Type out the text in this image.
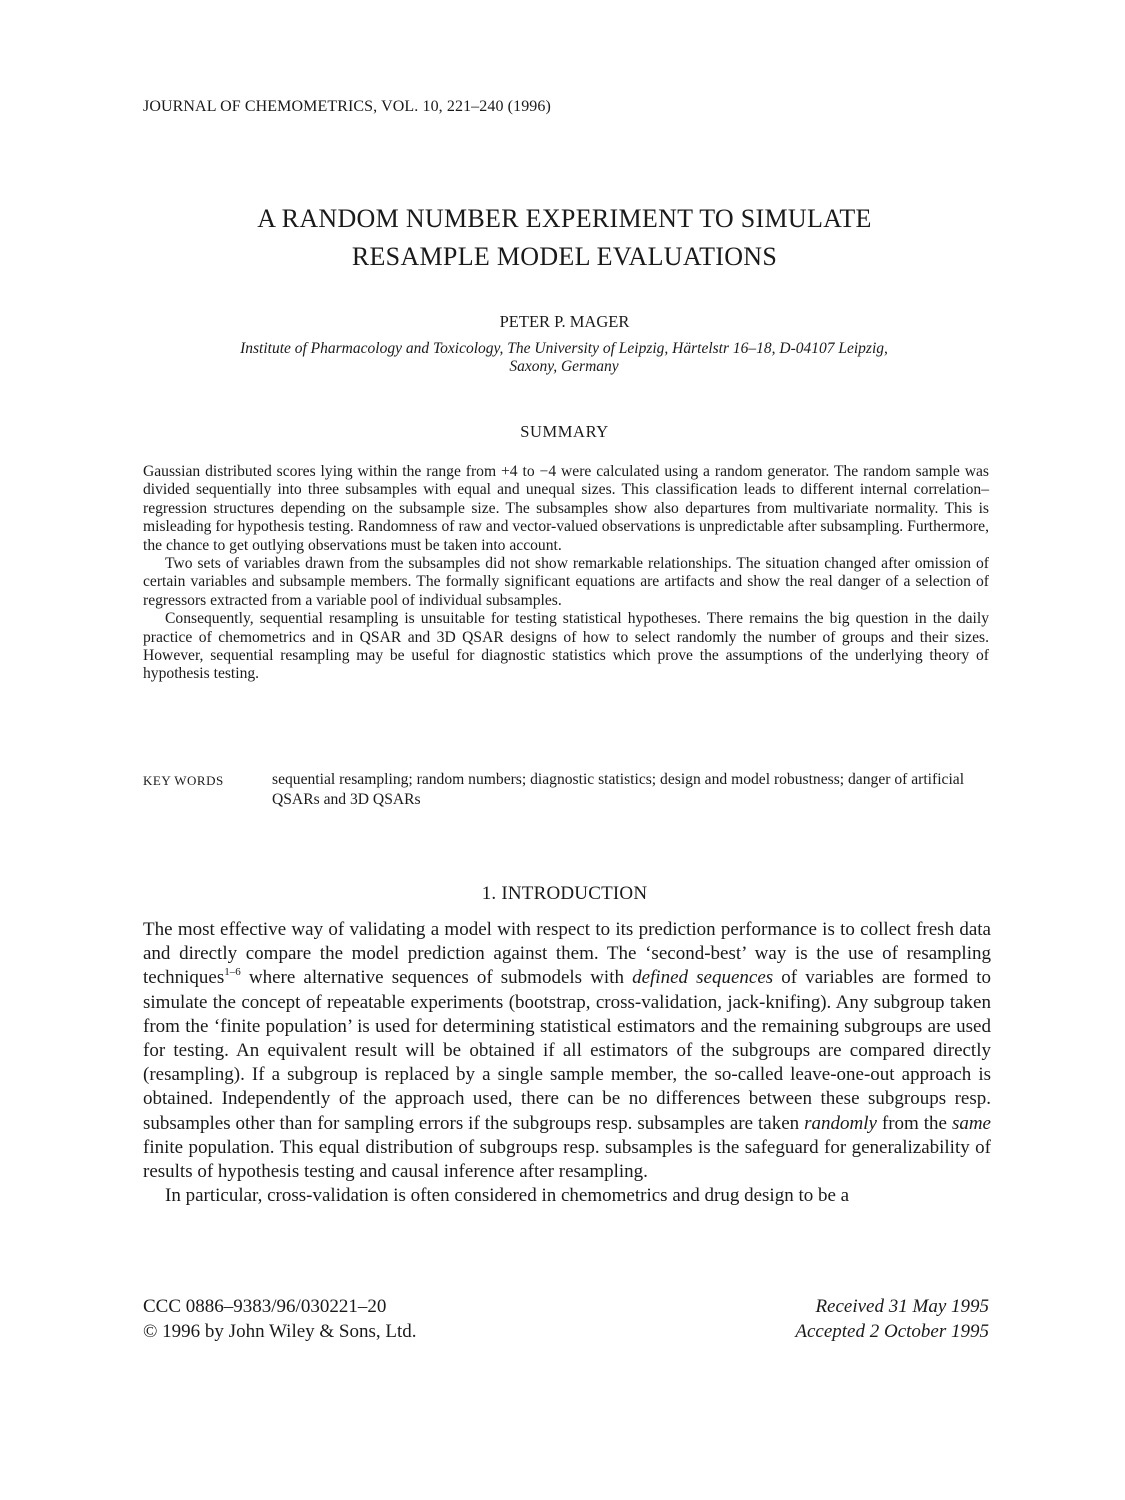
JOURNAL OF CHEMOMETRICS, VOL. 10, 221–240 (1996)
A RANDOM NUMBER EXPERIMENT TO SIMULATE
RESAMPLE MODEL EVALUATIONS
PETER P. MAGER
Institute of Pharmacology and Toxicology, The University of Leipzig, Härtelstr 16–18, D-04107 Leipzig, Saxony, Germany
SUMMARY

Gaussian distributed scores lying within the range from +4 to −4 were calculated using a random generator. The random sample was divided sequentially into three subsamples with equal and unequal sizes. This classification leads to different internal correlation–regression structures depending on the subsample size. The subsamples show also departures from multivariate normality. This is misleading for hypothesis testing. Randomness of raw and vector-valued observations is unpredictable after subsampling. Furthermore, the chance to get outlying observations must be taken into account.

Two sets of variables drawn from the subsamples did not show remarkable relationships. The situation changed after omission of certain variables and subsample members. The formally significant equations are artifacts and show the real danger of a selection of regressors extracted from a variable pool of individual subsamples.

Consequently, sequential resampling is unsuitable for testing statistical hypotheses. There remains the big question in the daily practice of chemometrics and in QSAR and 3D QSAR designs of how to select randomly the number of groups and their sizes. However, sequential resampling may be useful for diagnostic statistics which prove the assumptions of the underlying theory of hypothesis testing.

KEY WORDS	sequential resampling; random numbers; diagnostic statistics; design and model robustness; danger of artificial QSARs and 3D QSARs
1. INTRODUCTION

The most effective way of validating a model with respect to its prediction performance is to collect fresh data and directly compare the model prediction against them. The ‘second-best’ way is the use of resampling techniques$^{1-6}$ where alternative sequences of submodels with defined sequences of variables are formed to simulate the concept of repeatable experiments (bootstrap, cross-validation, jack-knifing). Any subgroup taken from the ‘finite population’ is used for determining statistical estimators and the remaining subgroups are used for testing. An equivalent result will be obtained if all estimators of the subgroups are compared directly (resampling). If a subgroup is replaced by a single sample member, the so-called leave-one-out approach is obtained. Independently of the approach used, there can be no differences between these subgroups resp. subsamples other than for sampling errors if the subgroups resp. subsamples are taken randomly from the same finite population. This equal distribution of subgroups resp. subsamples is the safeguard for generalizability of results of hypothesis testing and causal inference after resampling.

In particular, cross-validation is often considered in chemometrics and drug design to be a

CCC 0886–9383/96/030221–20
© 1996 by John Wiley & Sons, Ltd.
Received 31 May 1995
Accepted 2 October 1995
